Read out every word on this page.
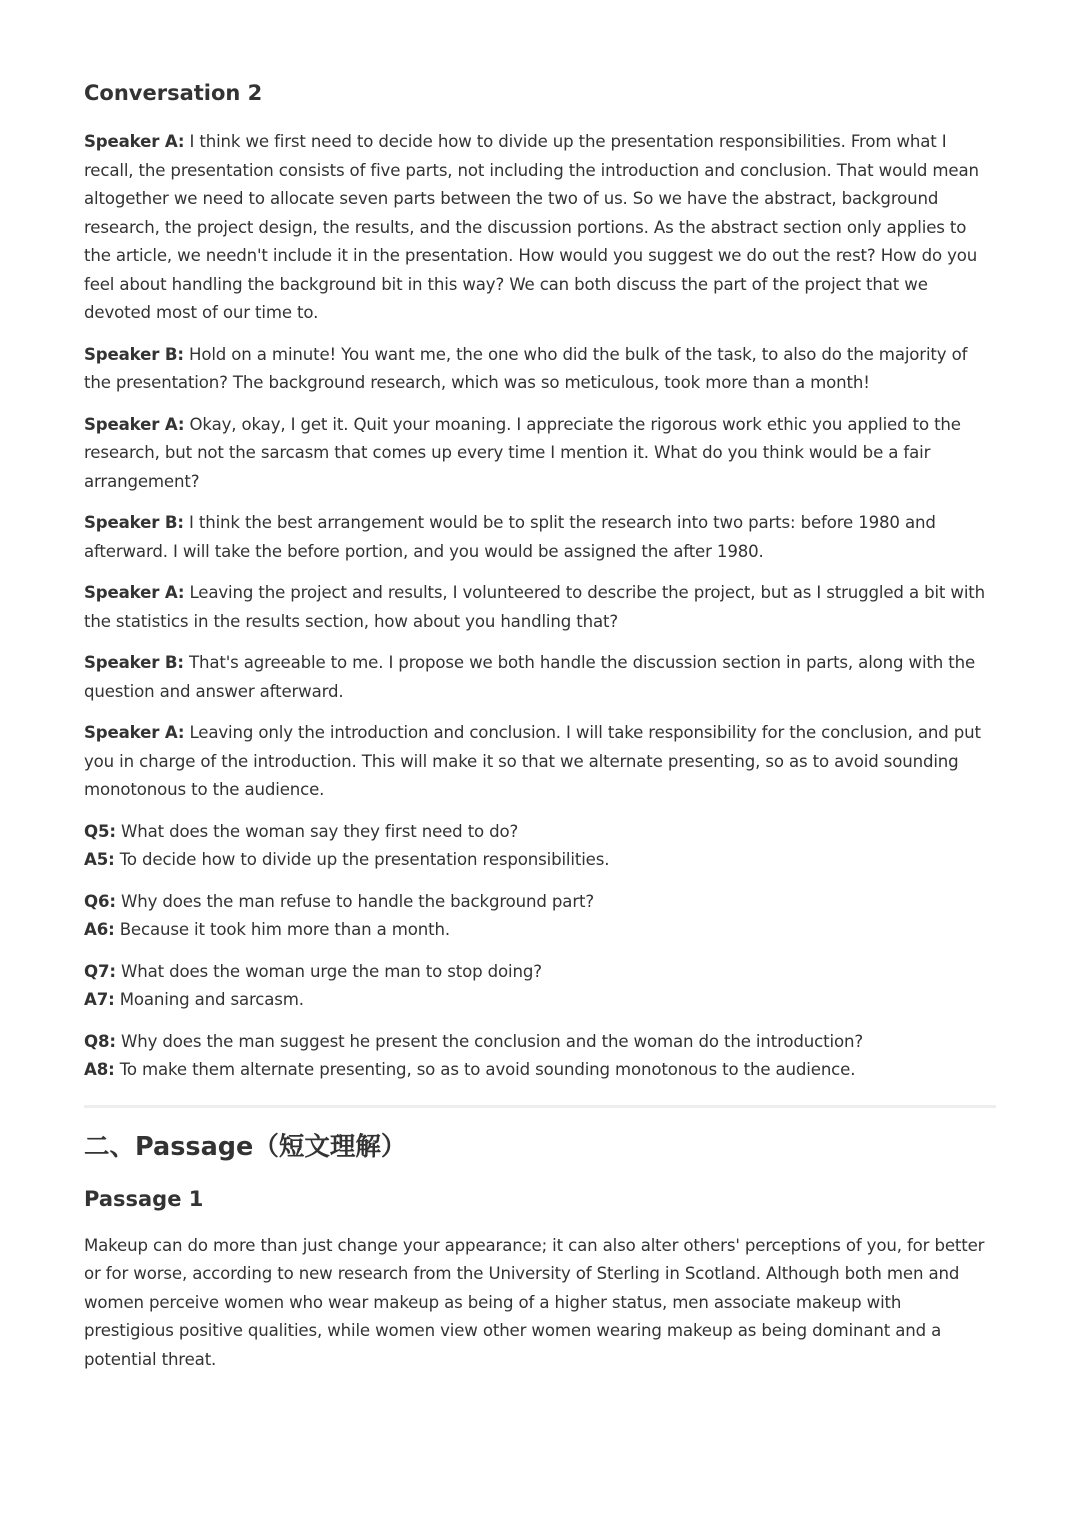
Conversation 2

Speaker A: I think we first need to decide how to divide up the presentation responsibilities. From what I recall, the presentation consists of five parts, not including the introduction and conclusion. That would mean altogether we need to allocate seven parts between the two of us. So we have the abstract, background research, the project design, the results, and the discussion portions. As the abstract section only applies to the article, we needn't include it in the presentation. How would you suggest we do out the rest? How do you feel about handling the background bit in this way? We can both discuss the part of the project that we devoted most of our time to.

Speaker B: Hold on a minute! You want me, the one who did the bulk of the task, to also do the majority of the presentation? The background research, which was so meticulous, took more than a month!

Speaker A: Okay, okay, I get it. Quit your moaning. I appreciate the rigorous work ethic you applied to the research, but not the sarcasm that comes up every time I mention it. What do you think would be a fair arrangement?

Speaker B: I think the best arrangement would be to split the research into two parts: before 1980 and afterward. I will take the before portion, and you would be assigned the after 1980.

Speaker A: Leaving the project and results, I volunteered to describe the project, but as I struggled a bit with the statistics in the results section, how about you handling that?

Speaker B: That's agreeable to me. I propose we both handle the discussion section in parts, along with the question and answer afterward.

Speaker A: Leaving only the introduction and conclusion. I will take responsibility for the conclusion, and put you in charge of the introduction. This will make it so that we alternate presenting, so as to avoid sounding monotonous to the audience.

Q5: What does the woman say they first need to do?
A5: To decide how to divide up the presentation responsibilities.
Q6: Why does the man refuse to handle the background part?
A6: Because it took him more than a month.
Q7: What does the woman urge the man to stop doing?
A7: Moaning and sarcasm.
Q8: Why does the man suggest he present the conclusion and the woman do the introduction?
A8: To make them alternate presenting, so as to avoid sounding monotonous to the audience.
二、Passage（短文理解）
Passage 1

Makeup can do more than just change your appearance; it can also alter others' perceptions of you, for better or for worse, according to new research from the University of Sterling in Scotland. Although both men and women perceive women who wear makeup as being of a higher status, men associate makeup with prestigious positive qualities, while women view other women wearing makeup as being dominant and a potential threat.
